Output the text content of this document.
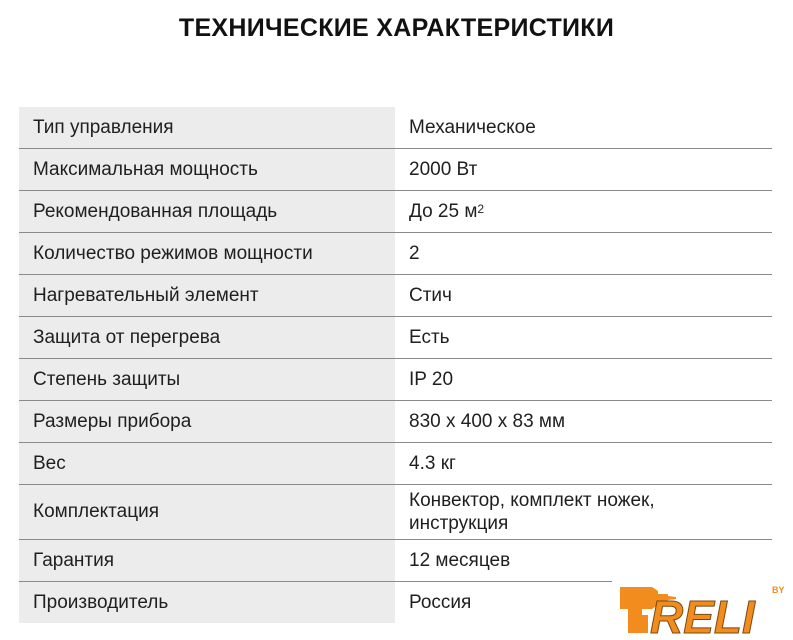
ТЕХНИЧЕСКИЕ ХАРАКТЕРИСТИКИ
Тип управления	Механическое
Максимальная мощность	2000 Вт
Рекомендованная площадь	До 25 $м^2$
Количество режимов мощности	2
Нагревательный элемент	Стич
Защита от перегрева	Есть
Степень защиты	IP 20
Размеры прибора	830 х 400 х 83 мм
Вес	4.3 кг
Комплектация	Конвектор, комплект ножек,
инструкция

Гарантия	12 месяцев
Производитель	Россия	RELI
BY
